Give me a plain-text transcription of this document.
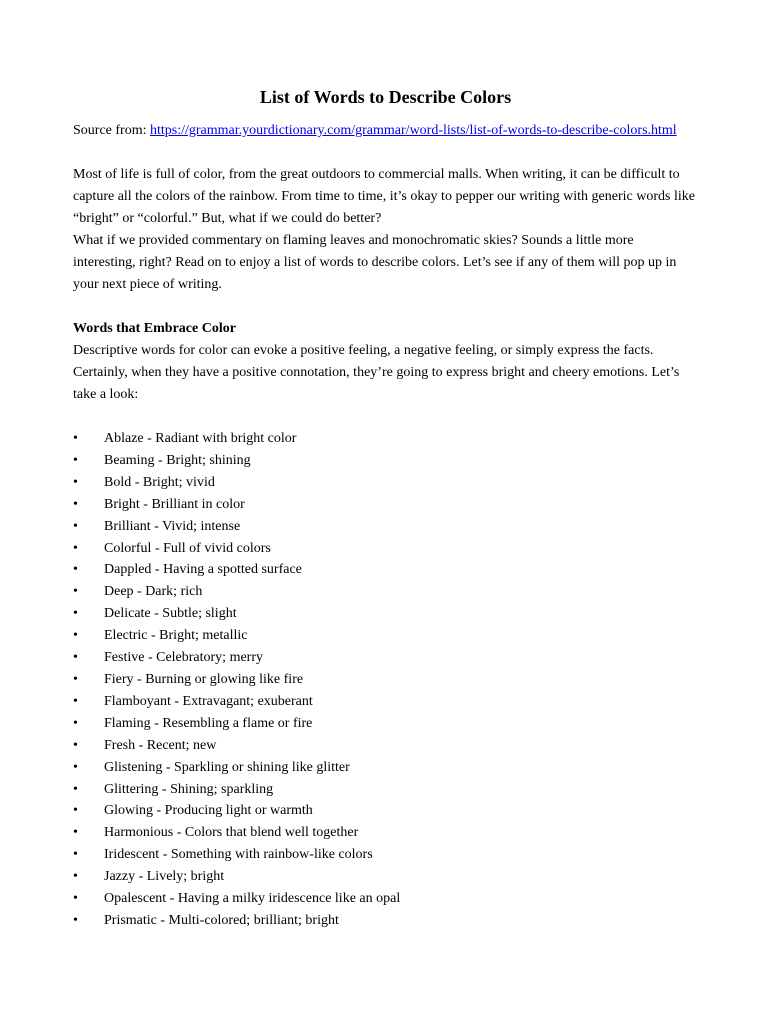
List of Words to Describe Colors

Source from: https://grammar.yourdictionary.com/grammar/word-lists/list-of-words-to-describe-colors.html

Most of life is full of color, from the great outdoors to commercial malls. When writing, it can be difficult to capture all the colors of the rainbow. From time to time, it’s okay to pepper our writing with generic words like “bright” or “colorful.” But, what if we could do better?

What if we provided commentary on flaming leaves and monochromatic skies? Sounds a little more interesting, right? Read on to enjoy a list of words to describe colors. Let’s see if any of them will pop up in your next piece of writing.

Words that Embrace Color

Descriptive words for color can evoke a positive feeling, a negative feeling, or simply express the facts. Certainly, when they have a positive connotation, they’re going to express bright and cheery emotions. Let’s take a look:

• Ablaze - Radiant with bright color
• Beaming - Bright; shining
• Bold - Bright; vivid
• Bright - Brilliant in color
• Brilliant - Vivid; intense
• Colorful - Full of vivid colors
• Dappled - Having a spotted surface
• Deep - Dark; rich
• Delicate - Subtle; slight
• Electric - Bright; metallic
• Festive - Celebratory; merry
• Fiery - Burning or glowing like fire
• Flamboyant - Extravagant; exuberant
• Flaming - Resembling a flame or fire
• Fresh - Recent; new
• Glistening - Sparkling or shining like glitter
• Glittering - Shining; sparkling
• Glowing - Producing light or warmth
• Harmonious - Colors that blend well together
• Iridescent - Something with rainbow-like colors
• Jazzy - Lively; bright
• Opalescent - Having a milky iridescence like an opal
• Prismatic - Multi-colored; brilliant; bright
